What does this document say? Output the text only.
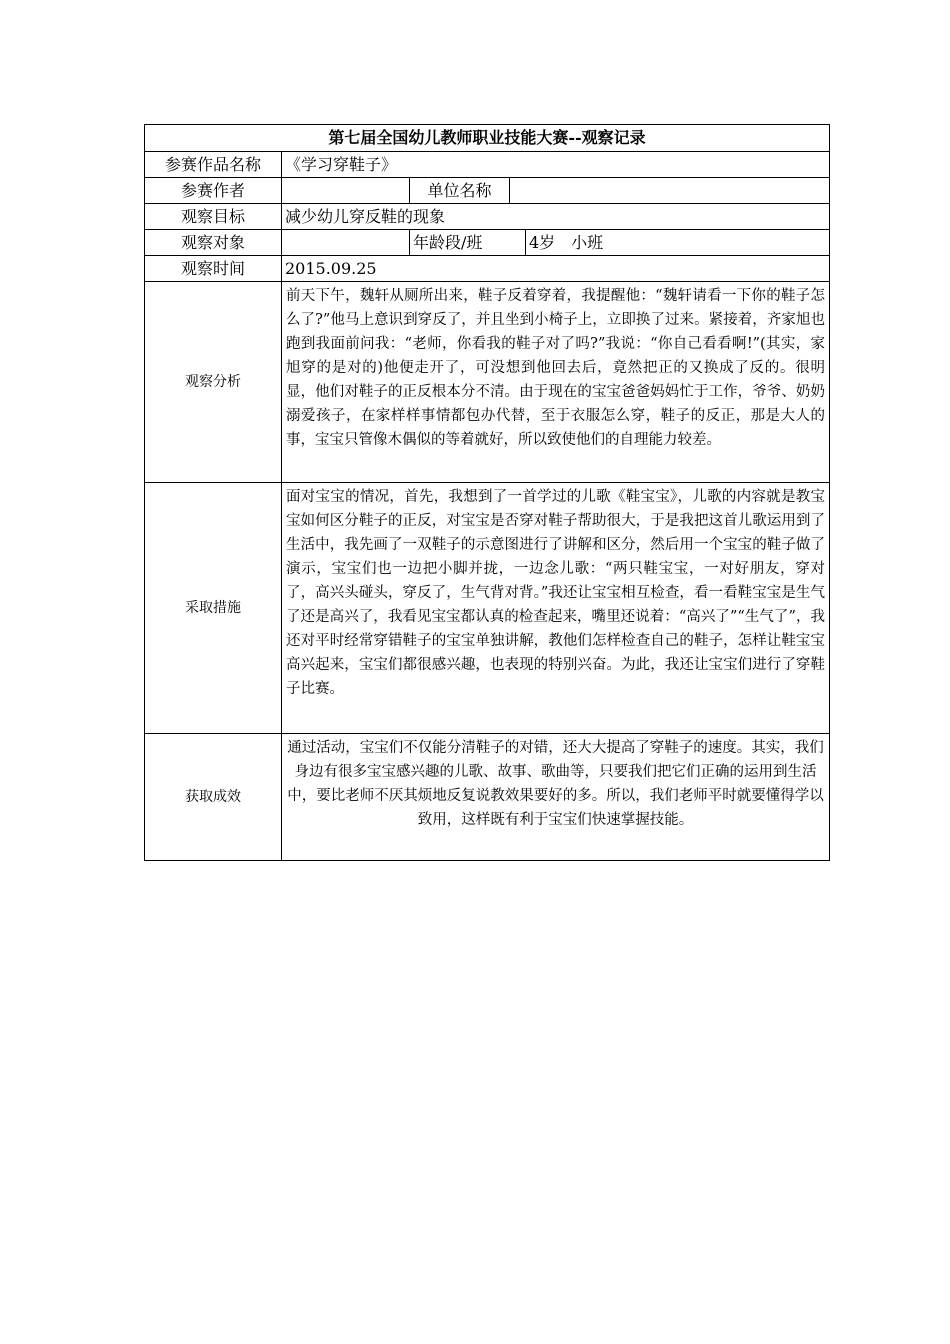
第七届全国幼儿教师职业技能大赛--观察记录				
参赛作品名称	《学习穿鞋子》			
参赛作者		单位名称		
观察目标	减少幼儿穿反鞋的现象			
观察对象		年龄段/班		4岁　小班
观察时间	2015.09.25			
观察分析	前天下午，魏轩从厕所出来，鞋子反着穿着，我提醒他：“魏轩请看一下你的鞋子怎么了?”他马上意识到穿反了，并且坐到小椅子上，立即换了过来。紧接着，齐家旭也跑到我面前问我：“老师，你看我的鞋子对了吗?”我说：“你自己看看啊!”(其实，家旭穿的是对的)他便走开了，可没想到他回去后，竟然把正的又换成了反的。很明显，他们对鞋子的正反根本分不清。由于现在的宝宝爸爸妈妈忙于工作，爷爷、奶奶溺爱孩子，在家样样事情都包办代替，至于衣服怎么穿，鞋子的反正，那是大人的事，宝宝只管像木偶似的等着就好，所以致使他们的自理能力较差。			
采取措施	面对宝宝的情况，首先，我想到了一首学过的儿歌《鞋宝宝》，儿歌的内容就是教宝宝如何区分鞋子的正反，对宝宝是否穿对鞋子帮助很大，于是我把这首儿歌运用到了生活中，我先画了一双鞋子的示意图进行了讲解和区分，然后用一个宝宝的鞋子做了演示，宝宝们也一边把小脚并拢，一边念儿歌：“两只鞋宝宝，一对好朋友，穿对了，高兴头碰头，穿反了，生气背对背。”我还让宝宝相互检查，看一看鞋宝宝是生气了还是高兴了，我看见宝宝都认真的检查起来，嘴里还说着：“高兴了”“生气了”，我还对平时经常穿错鞋子的宝宝单独讲解，教他们怎样检查自己的鞋子，怎样让鞋宝宝高兴起来，宝宝们都很感兴趣，也表现的特别兴奋。为此，我还让宝宝们进行了穿鞋子比赛。			
获取成效	通过活动，宝宝们不仅能分清鞋子的对错，还大大提高了穿鞋子的速度。其实，我们身边有很多宝宝感兴趣的儿歌、故事、歌曲等，只要我们把它们正确的运用到生活中，要比老师不厌其烦地反复说教效果要好的多。所以，我们老师平时就要懂得学以致用，这样既有利于宝宝们快速掌握技能。			
